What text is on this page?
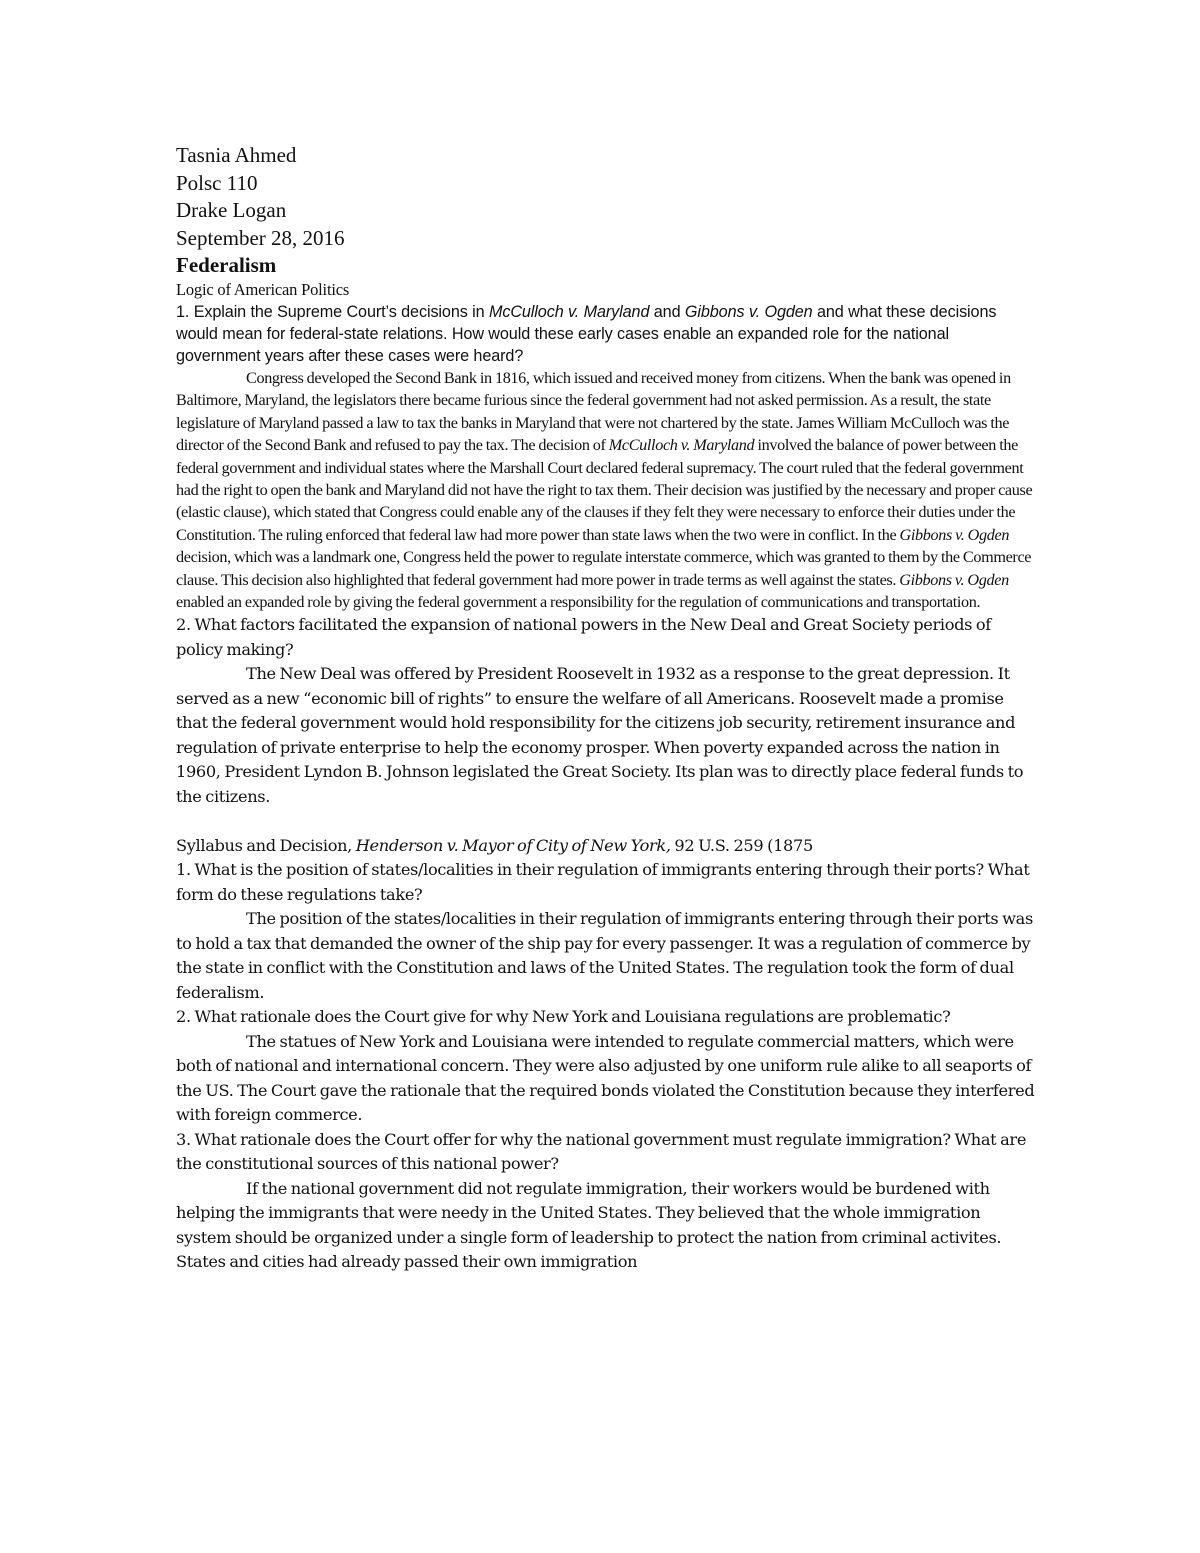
Tasnia Ahmed
Polsc 110
Drake Logan
September 28, 2016
Federalism
Logic of American Politics

1. Explain the Supreme Court’s decisions in McCulloch v. Maryland and Gibbons v. Ogden and what these decisions would mean for federal-state relations. How would these early cases enable an expanded role for the national government years after these cases were heard?

Congress developed the Second Bank in 1816, which issued and received money from citizens. When the bank was opened in Baltimore, Maryland, the legislators there became furious since the federal government had not asked permission. As a result, the state legislature of Maryland passed a law to tax the banks in Maryland that were not chartered by the state. James William McCulloch was the director of the Second Bank and refused to pay the tax. The decision of McCulloch v. Maryland involved the balance of power between the federal government and individual states where the Marshall Court declared federal supremacy. The court ruled that the federal government had the right to open the bank and Maryland did not have the right to tax them. Their decision was justified by the necessary and proper cause (elastic clause), which stated that Congress could enable any of the clauses if they felt they were necessary to enforce their duties under the Constitution. The ruling enforced that federal law had more power than state laws when the two were in conflict. In the Gibbons v. Ogden decision, which was a landmark one, Congress held the power to regulate interstate commerce, which was granted to them by the Commerce clause. This decision also highlighted that federal government had more power in trade terms as well against the states. Gibbons v. Ogden enabled an expanded role by giving the federal government a responsibility for the regulation of communications and transportation.

2. What factors facilitated the expansion of national powers in the New Deal and Great Society periods of policy making?

The New Deal was offered by President Roosevelt in 1932 as a response to the great depression. It served as a new “economic bill of rights” to ensure the welfare of all Americans. Roosevelt made a promise that the federal government would hold responsibility for the citizens job security, retirement insurance and regulation of private enterprise to help the economy prosper. When poverty expanded across the nation in 1960, President Lyndon B. Johnson legislated the Great Society. Its plan was to directly place federal funds to the citizens.

Syllabus and Decision, Henderson v. Mayor of City of New York, 92 U.S. 259 (1875

1. What is the position of states/localities in their regulation of immigrants entering through their ports? What form do these regulations take?

The position of the states/localities in their regulation of immigrants entering through their ports was to hold a tax that demanded the owner of the ship pay for every passenger. It was a regulation of commerce by the state in conflict with the Constitution and laws of the United States. The regulation took the form of dual federalism.

2. What rationale does the Court give for why New York and Louisiana regulations are problematic?

The statues of New York and Louisiana were intended to regulate commercial matters, which were both of national and international concern. They were also adjusted by one uniform rule alike to all seaports of the US. The Court gave the rationale that the required bonds violated the Constitution because they interfered with foreign commerce.

3. What rationale does the Court offer for why the national government must regulate immigration? What are the constitutional sources of this national power?

If the national government did not regulate immigration, their workers would be burdened with helping the immigrants that were needy in the United States. They believed that the whole immigration system should be organized under a single form of leadership to protect the nation from criminal activites. States and cities had already passed their own immigration
